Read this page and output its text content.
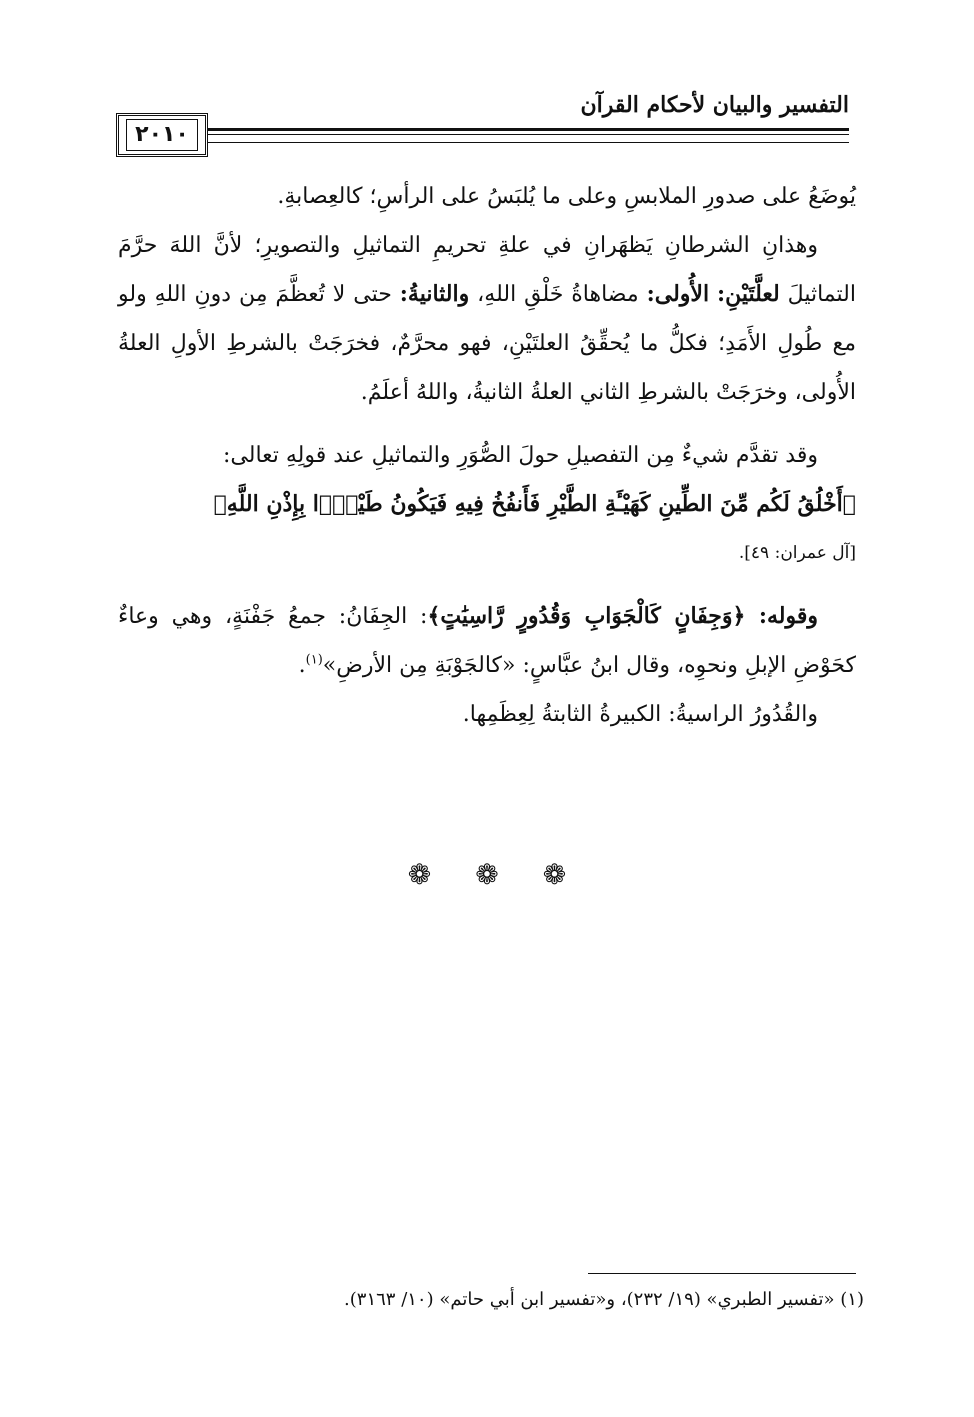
التفسير والبيان لأحكام القرآن
٢٠١٠

يُوضَعُ على صدورِ الملابسِ وعلى ما يُلبَسُ على الرأسِ؛ كالعِصابةِ.

وهذانِ الشرطانِ يَظهَرانِ في علةِ تحريمِ التماثيلِ والتصويرِ؛ لأنَّ اللهَ حرَّمَ التماثيلَ لعلَّتَيْنِ: الأُولى: مضاهاةُ خَلْقِ اللهِ، والثانيةُ: حتى لا تُعظَّمَ مِن دونِ اللهِ ولو مع طُولِ الأَمَدِ؛ فكلُّ ما يُحقِّقُ العلتَيْنِ، فهو محرَّمٌ، فخرَجَتْ بالشرطِ الأولِ العلةُ الأُولى، وخرَجَتْ بالشرطِ الثاني العلةُ الثانيةُ، واللهُ أعلَمُ.

وقد تقدَّم شيءٌ مِن التفصيلِ حولَ الصُّوَرِ والتماثيلِ عند قولِهِ تعالى:

﴿أَخْلُقُ لَكُم مِّنَ الطِّينِ كَهَيْـَٔةِ الطَّيْرِ فَأَنفُخُ فِيهِ فَيَكُونُ طَيْرًۢا بِإِذْنِ اللَّهِ﴾

[آل عمران: ٤٩].

وقوله: ﴿وَجِفَانٍ كَالْجَوَابِ وَقُدُورٍ رَّاسِيَٰتٍ﴾: الجِفَانُ: جمعُ جَفْنَةٍ، وهي وعاءٌ كحَوْضِ الإبلِ ونحوِه، وقال ابنُ عبَّاسٍ: «كالجَوْبَةِ مِن الأرضِ»$^{(١)}$.

والقُدُورُ الراسيةُ: الكبيرةُ الثابتةُ لِعِظَمِها.

❁ ❁ ❁
(١) «تفسير الطبري» (١٩/ ٢٣٢)، و«تفسير ابن أبي حاتم» (١٠/ ٣١٦٣).
